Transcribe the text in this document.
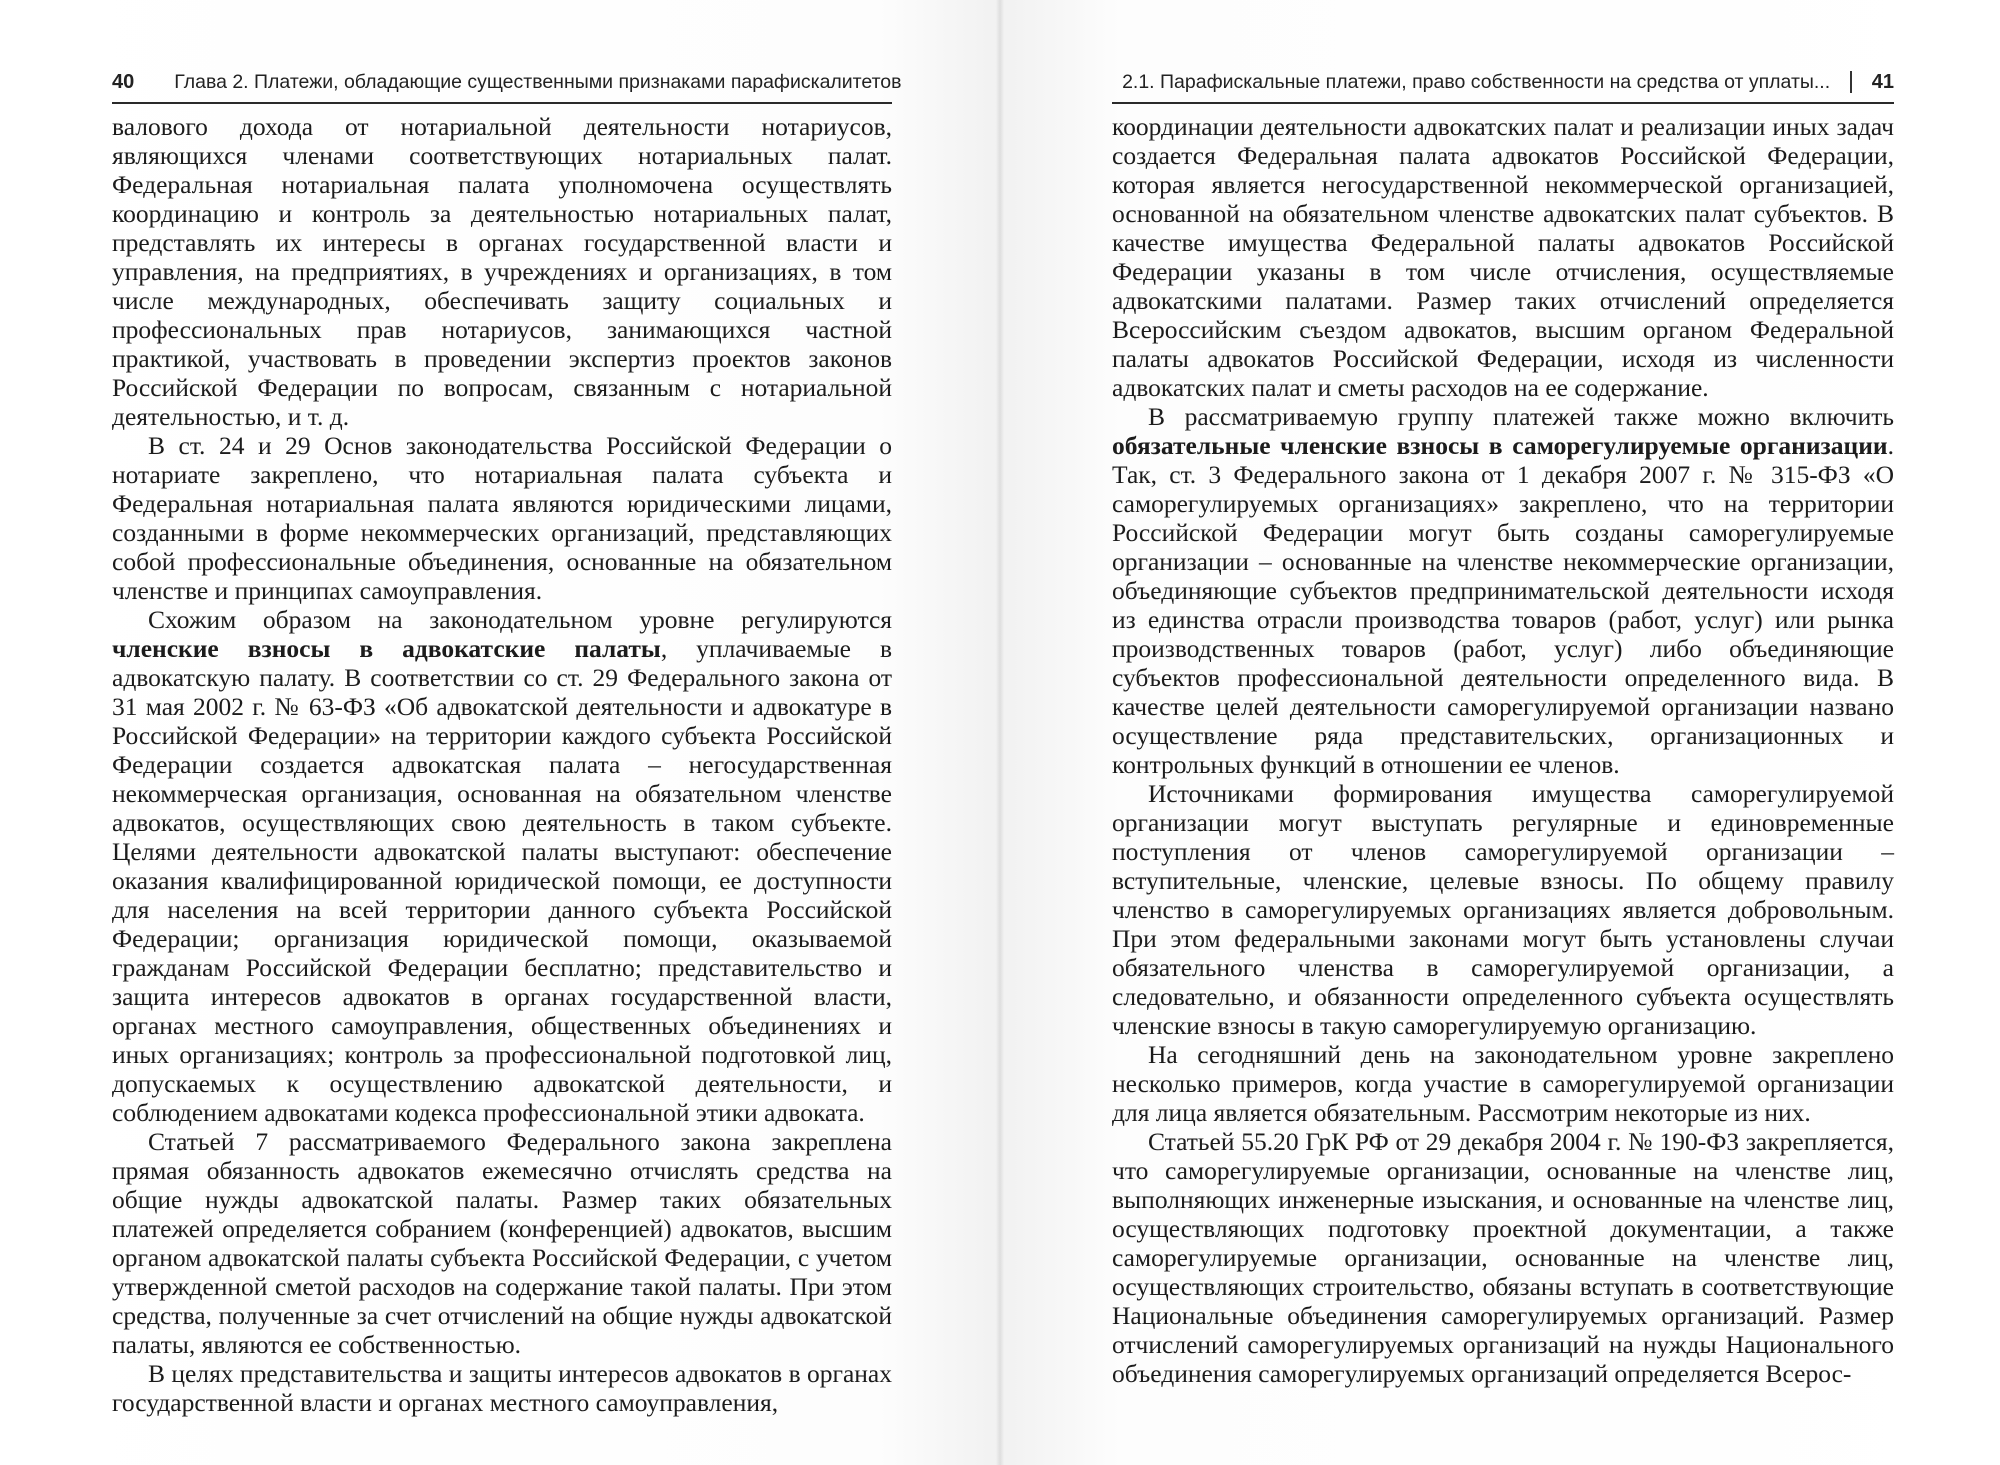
40 Глава 2. Платежи, обладающие существенными признаками парафискалитетов

валового дохода от нотариальной деятельности нотариусов, являющихся членами соответствующих нотариальных палат. Федеральная нотариальная палата уполномочена осуществлять координацию и контроль за деятельностью нотариальных палат, представлять их интересы в органах государственной власти и управления, на предприятиях, в учреждениях и организациях, в том числе международных, обеспечивать защиту социальных и профессиональных прав нотариусов, занимающихся частной практикой, участвовать в проведении экспертиз проектов законов Российской Федерации по вопросам, связанным с нотариальной деятельностью, и т. д.

В ст. 24 и 29 Основ законодательства Российской Федерации о нотариате закреплено, что нотариальная палата субъекта и Федеральная нотариальная палата являются юридическими лицами, созданными в форме некоммерческих организаций, представляющих собой профессиональные объединения, основанные на обязательном членстве и принципах самоуправления.

Схожим образом на законодательном уровне регулируются членские взносы в адвокатские палаты, уплачиваемые в адвокатскую палату. В соответствии со ст. 29 Федерального закона от 31 мая 2002 г. № 63-ФЗ «Об адвокатской деятельности и адвокатуре в Российской Федерации» на территории каждого субъекта Российской Федерации создается адвокатская палата – негосударственная некоммерческая организация, основанная на обязательном членстве адвокатов, осуществляющих свою деятельность в таком субъекте. Целями деятельности адвокатской палаты выступают: обеспечение оказания квалифицированной юридической помощи, ее доступности для населения на всей территории данного субъекта Российской Федерации; организация юридической помощи, оказываемой гражданам Российской Федерации бесплатно; представительство и защита интересов адвокатов в органах государственной власти, органах местного самоуправления, общественных объединениях и иных организациях; контроль за профессиональной подготовкой лиц, допускаемых к осуществлению адвокатской деятельности, и соблюдением адвокатами кодекса профессиональной этики адвоката.

Статьей 7 рассматриваемого Федерального закона закреплена прямая обязанность адвокатов ежемесячно отчислять средства на общие нужды адвокатской палаты. Размер таких обязательных платежей определяется собранием (конференцией) адвокатов, высшим органом адвокатской палаты субъекта Российской Федерации, с учетом утвержденной сметой расходов на содержание такой палаты. При этом средства, полученные за счет отчислений на общие нужды адвокатской палаты, являются ее собственностью.

В целях представительства и защиты интересов адвокатов в органах государственной власти и органах местного самоуправления,

2.1. Парафискальные платежи, право собственности на средства от уплаты... 41

координации деятельности адвокатских палат и реализации иных задач создается Федеральная палата адвокатов Российской Федерации, которая является негосударственной некоммерческой организацией, основанной на обязательном членстве адвокатских палат субъектов. В качестве имущества Федеральной палаты адвокатов Российской Федерации указаны в том числе отчисления, осуществляемые адвокатскими палатами. Размер таких отчислений определяется Всероссийским съездом адвокатов, высшим органом Федеральной палаты адвокатов Российской Федерации, исходя из численности адвокатских палат и сметы расходов на ее содержание.

В рассматриваемую группу платежей также можно включить обязательные членские взносы в саморегулируемые организации. Так, ст. 3 Федерального закона от 1 декабря 2007 г. № 315-ФЗ «О саморегулируемых организациях» закреплено, что на территории Российской Федерации могут быть созданы саморегулируемые организации – основанные на членстве некоммерческие организации, объединяющие субъектов предпринимательской деятельности исходя из единства отрасли производства товаров (работ, услуг) или рынка производственных товаров (работ, услуг) либо объединяющие субъектов профессиональной деятельности определенного вида. В качестве целей деятельности саморегулируемой организации названо осуществление ряда представительских, организационных и контрольных функций в отношении ее членов.

Источниками формирования имущества саморегулируемой организации могут выступать регулярные и единовременные поступления от членов саморегулируемой организации – вступительные, членские, целевые взносы. По общему правилу членство в саморегулируемых организациях является добровольным. При этом федеральными законами могут быть установлены случаи обязательного членства в саморегулируемой организации, а следовательно, и обязанности определенного субъекта осуществлять членские взносы в такую саморегулируемую организацию.

На сегодняшний день на законодательном уровне закреплено несколько примеров, когда участие в саморегулируемой организации для лица является обязательным. Рассмотрим некоторые из них.

Статьей 55.20 ГрК РФ от 29 декабря 2004 г. № 190-ФЗ закрепляется, что саморегулируемые организации, основанные на членстве лиц, выполняющих инженерные изыскания, и основанные на членстве лиц, осуществляющих подготовку проектной документации, а также саморегулируемые организации, основанные на членстве лиц, осуществляющих строительство, обязаны вступать в соответствующие Национальные объединения саморегулируемых организаций. Размер отчислений саморегулируемых организаций на нужды Национального объединения саморегулируемых организаций определяется Всерос-
